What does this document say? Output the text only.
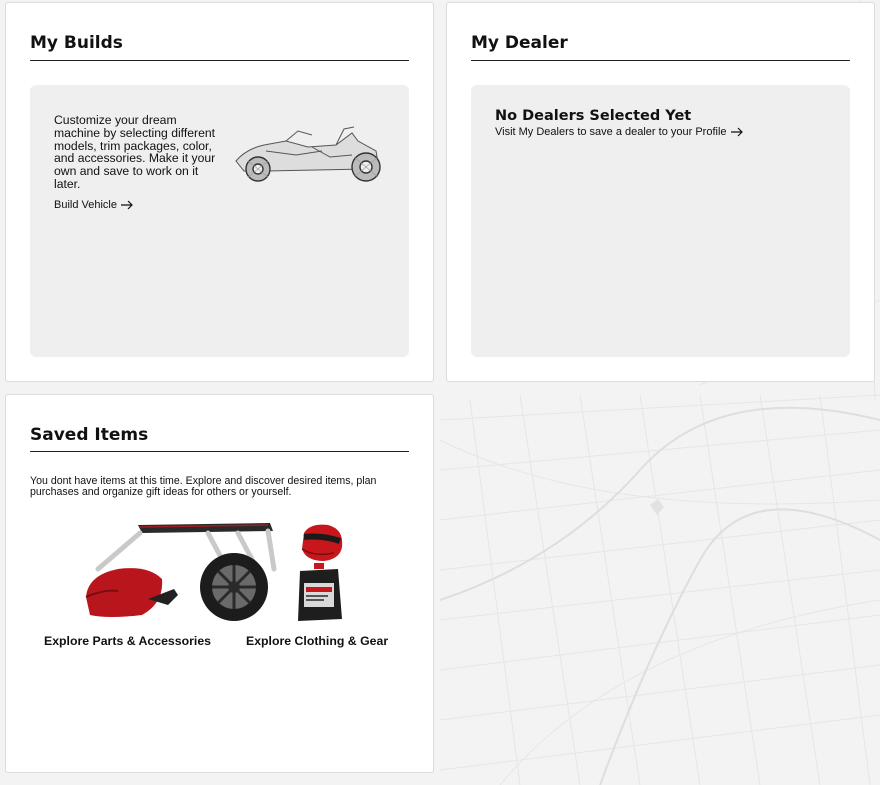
My Builds

Customize your dream machine by selecting different models, trim packages, color, and accessories. Make it your own and save to work on it later.

Build Vehicle
My Dealer
No Dealers Selected Yet
Visit My Dealers to save a dealer to your Profile
Saved Items

You dont have items at this time. Explore and discover desired items, plan purchases and organize gift ideas for others or yourself.

Explore Parts & Accessories	Explore Clothing & Gear
